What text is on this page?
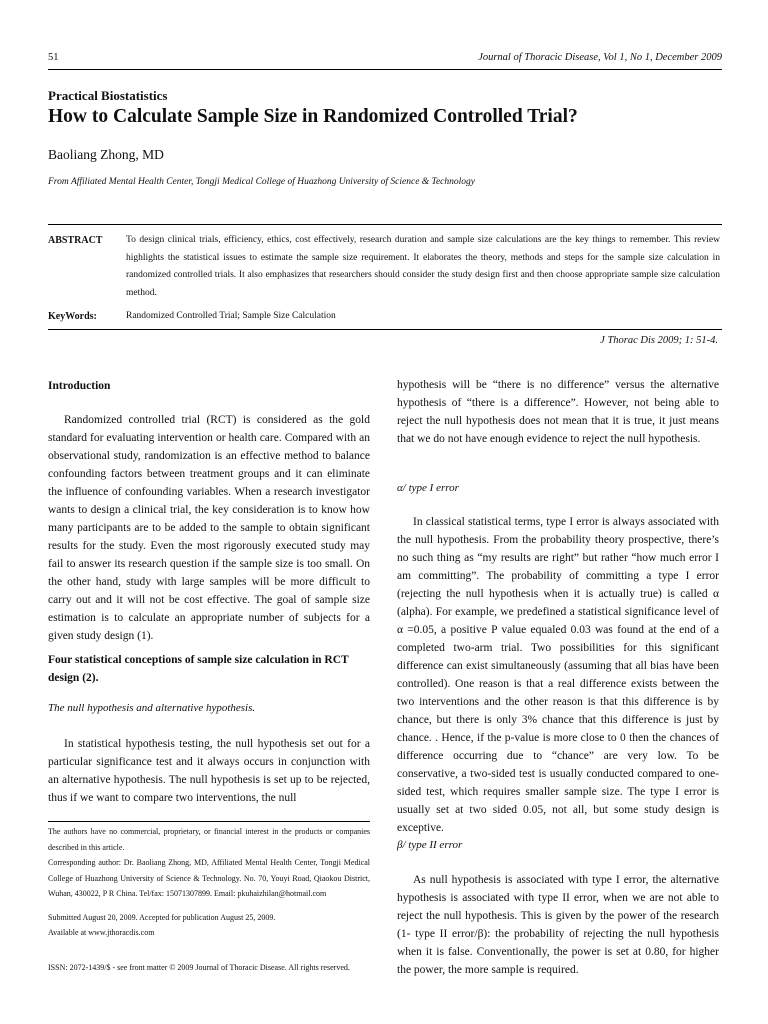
51	Journal of Thoracic Disease, Vol 1, No 1, December 2009
Practical Biostatistics
How to Calculate Sample Size in Randomized Controlled Trial?
Baoliang Zhong, MD
From Affiliated Mental Health Center, Tongji Medical College of Huazhong University of Science & Technology
ABSTRACT To design clinical trials, efficiency, ethics, cost effectively, research duration and sample size calculations are the key things to remember. This review highlights the statistical issues to estimate the sample size requirement. It elaborates the theory, methods and steps for the sample size calculation in randomized controlled trials. It also emphasizes that researchers should consider the study design first and then choose appropriate sample size calculation method.
KeyWords:	Randomized Controlled Trial; Sample Size Calculation
J Thorac Dis 2009; 1: 51-4.
Introduction

Randomized controlled trial (RCT) is considered as the gold standard for evaluating intervention or health care. Compared with an observational study, randomization is an effective method to balance confounding factors between treatment groups and it can eliminate the influence of confounding variables. When a research investigator wants to design a clinical trial, the key consideration is to know how many participants are to be added to the sample to obtain significant results for the study. Even the most rigorously executed study may fail to answer its research question if the sample size is too small. On the other hand, study with large samples will be more difficult to carry out and it will not be cost effective. The goal of sample size estimation is to calculate an appropriate number of subjects for a given study design (1).

Four statistical conceptions of sample size calculation in RCT design (2).
The null hypothesis and alternative hypothesis.

In statistical hypothesis testing, the null hypothesis set out for a particular significance test and it always occurs in conjunction with an alternative hypothesis. The null hypothesis is set up to be rejected, thus if we want to compare two interventions, the null

The authors have no commercial, proprietary, or financial interest in the products or companies described in this article.

Corresponding author: Dr. Baoliang Zhong, MD, Affiliated Mental Health Center, Tongji Medical College of Huazhong University of Science & Technology. No. 70, Youyi Road, Qiaokou District, Wuhan, 430022, P R China. Tel/fax: 15071307899. Email: pkuhaizhilan@hotmail.com

Submitted August 20, 2009. Accepted for publication August 25, 2009.

Available at www.jthoracdis.com

ISSN: 2072-1439/$ - see front matter © 2009 Journal of Thoracic Disease. All rights reserved.

hypothesis will be “there is no difference” versus the alternative hypothesis of “there is a difference”. However, not being able to reject the null hypothesis does not mean that it is true, it just means that we do not have enough evidence to reject the null hypothesis.

α/ type I error

In classical statistical terms, type I error is always associated with the null hypothesis. From the probability theory prospective, there’s no such thing as “my results are right” but rather “how much error I am committing”. The probability of committing a type I error (rejecting the null hypothesis when it is actually true) is called α (alpha). For example, we predefined a statistical significance level of α =0.05, a positive P value equaled 0.03 was found at the end of a completed two-arm trial. Two possibilities for this significant difference can exist simultaneously (assuming that all bias have been controlled). One reason is that a real difference exists between the two interventions and the other reason is that this difference is by chance, but there is only 3% chance that this difference is just by chance. . Hence, if the p-value is more close to 0 then the chances of difference occurring due to “chance” are very low. To be conservative, a two-sided test is usually conducted compared to one-sided test, which requires smaller sample size. The type I error is usually set at two sided 0.05, not all, but some study design is exceptive.

β/ type II error

As null hypothesis is associated with type I error, the alternative hypothesis is associated with type II error, when we are not able to reject the null hypothesis. This is given by the power of the research (1- type II error/β): the probability of rejecting the null hypothesis when it is false. Conventionally, the power is set at 0.80, for higher the power, the more sample is required.
